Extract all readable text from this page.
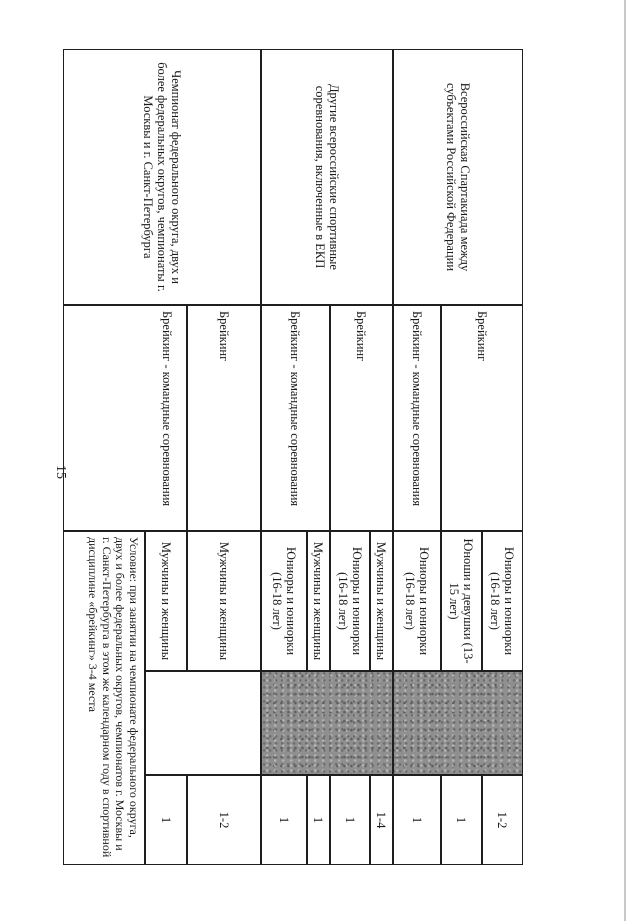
15
Всероссийская Спартакиада между субъектами Российской Федерации
Брейкинг
Юниоры и юниорки (16-18 лет)
Юноши и девушки (13-15 лет)
Брейкинг - командные соревнования
Юниоры и юниорки (16-18 лет)
1-2
1
1
Другие всероссийские спортивные соревнования, включенные в ЕКП
Брейкинг
Мужчины и женщины
Юниоры и юниорки (16-18 лет)
Брейкинг - командные соревнования
Мужчины и женщины
Юниоры и юниорки (16-18 лет)
1-4
1
1
1
Чемпионат федерального округа, двух и более федеральных округов, чемпионаты г. Москвы и г. Санкт-Петербурга
Брейкинг
Мужчины и женщины
Брейкинг - командные соревнования
Мужчины и женщины
Условие: при занятии на чемпионате федерального округа, двух и более федеральных округов, чемпионатов г. Москвы и г. Санкт-Петербурга в этом же календарном году в спортивной дисциплине «брейкинг» 3-4 места
1-2
1
